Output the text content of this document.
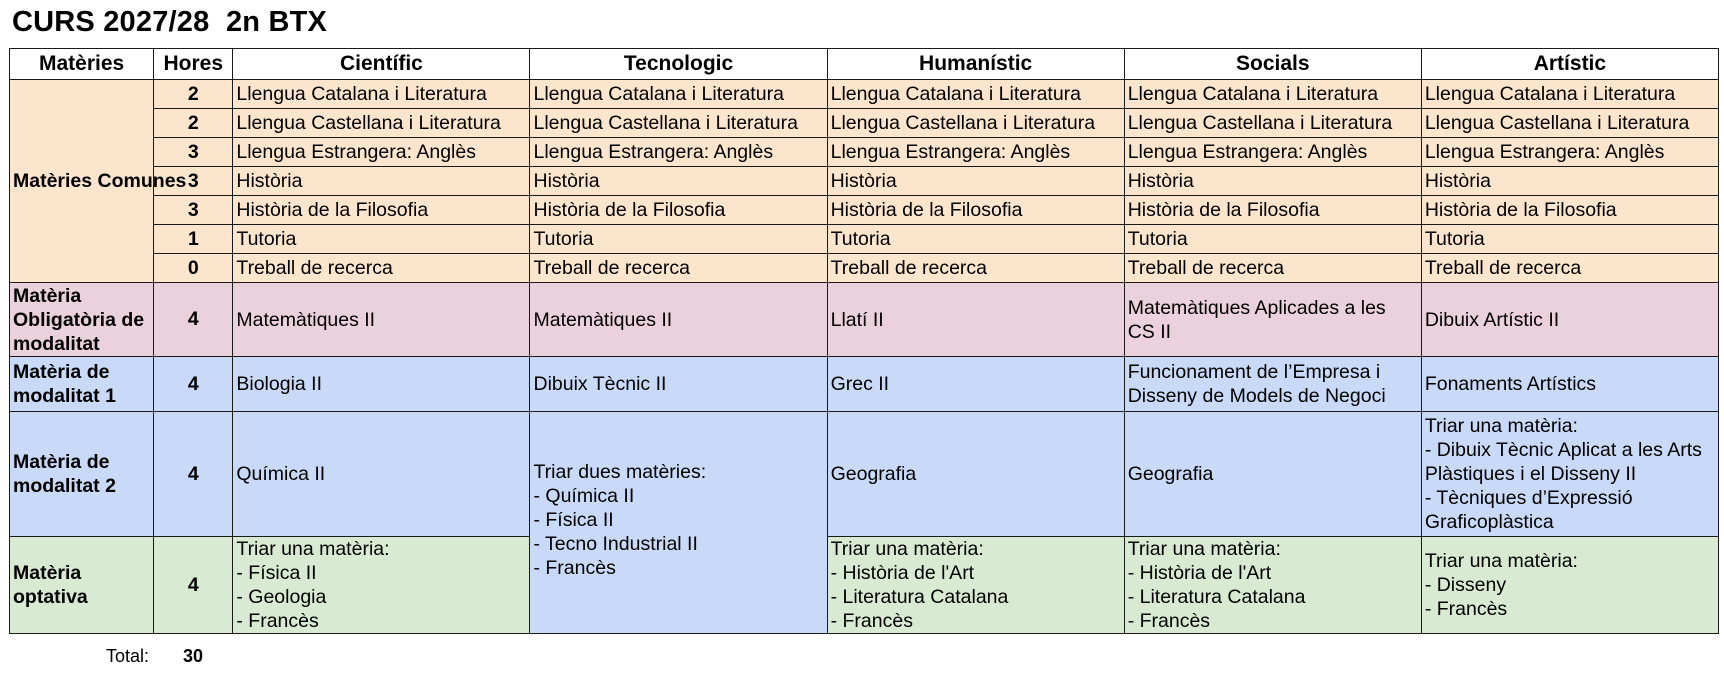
CURS 2027/28  2n BTX
Matèries	Hores	Científic	Tecnologic	Humanístic	Socials	Artístic
Matèries Comunes	2	Llengua Catalana i Literatura	Llengua Catalana i Literatura	Llengua Catalana i Literatura	Llengua Catalana i Literatura	Llengua Catalana i Literatura
	2	Llengua Castellana i Literatura	Llengua Castellana i Literatura	Llengua Castellana i Literatura	Llengua Castellana i Literatura	Llengua Castellana i Literatura
	3	Llengua Estrangera: Anglès	Llengua Estrangera: Anglès	Llengua Estrangera: Anglès	Llengua Estrangera: Anglès	Llengua Estrangera: Anglès
	3	Història	Història	Història	Història	Història
	3	Història de la Filosofia	Història de la Filosofia	Història de la Filosofia	Història de la Filosofia	Història de la Filosofia
	1	Tutoria	Tutoria	Tutoria	Tutoria	Tutoria
	0	Treball de recerca	Treball de recerca	Treball de recerca	Treball de recerca	Treball de recerca
Matèria Obligatòria de modalitat	4	Matemàtiques II	Matemàtiques II	Llatí II	Matemàtiques Aplicades a les CS II	Dibuix Artístic II
Matèria de modalitat 1	4	Biologia II	Dibuix Tècnic II	Grec II	Funcionament de l’Empresa i
Disseny de Models de Negoci	Fonaments Artístics
Matèria de modalitat 2	4	Química II	Triar dues matèries:
- Química II
- Física II
- Tecno Industrial II
- Francès	Geografia	Geografia	Triar una matèria:
- Dibuix Tècnic Aplicat a les Arts Plàstiques i el Disseny II
- Tècniques d’Expressió Graficoplàstica
Matèria optativa	4	Triar una matèria:
- Física II
- Geologia
- Francès		Triar una matèria:
- Història de l'Art
- Literatura Catalana
- Francès	Triar una matèria:
- Història de l'Art
- Literatura Catalana
- Francès	Triar una matèria:
- Disseny
- Francès
Total: 30
